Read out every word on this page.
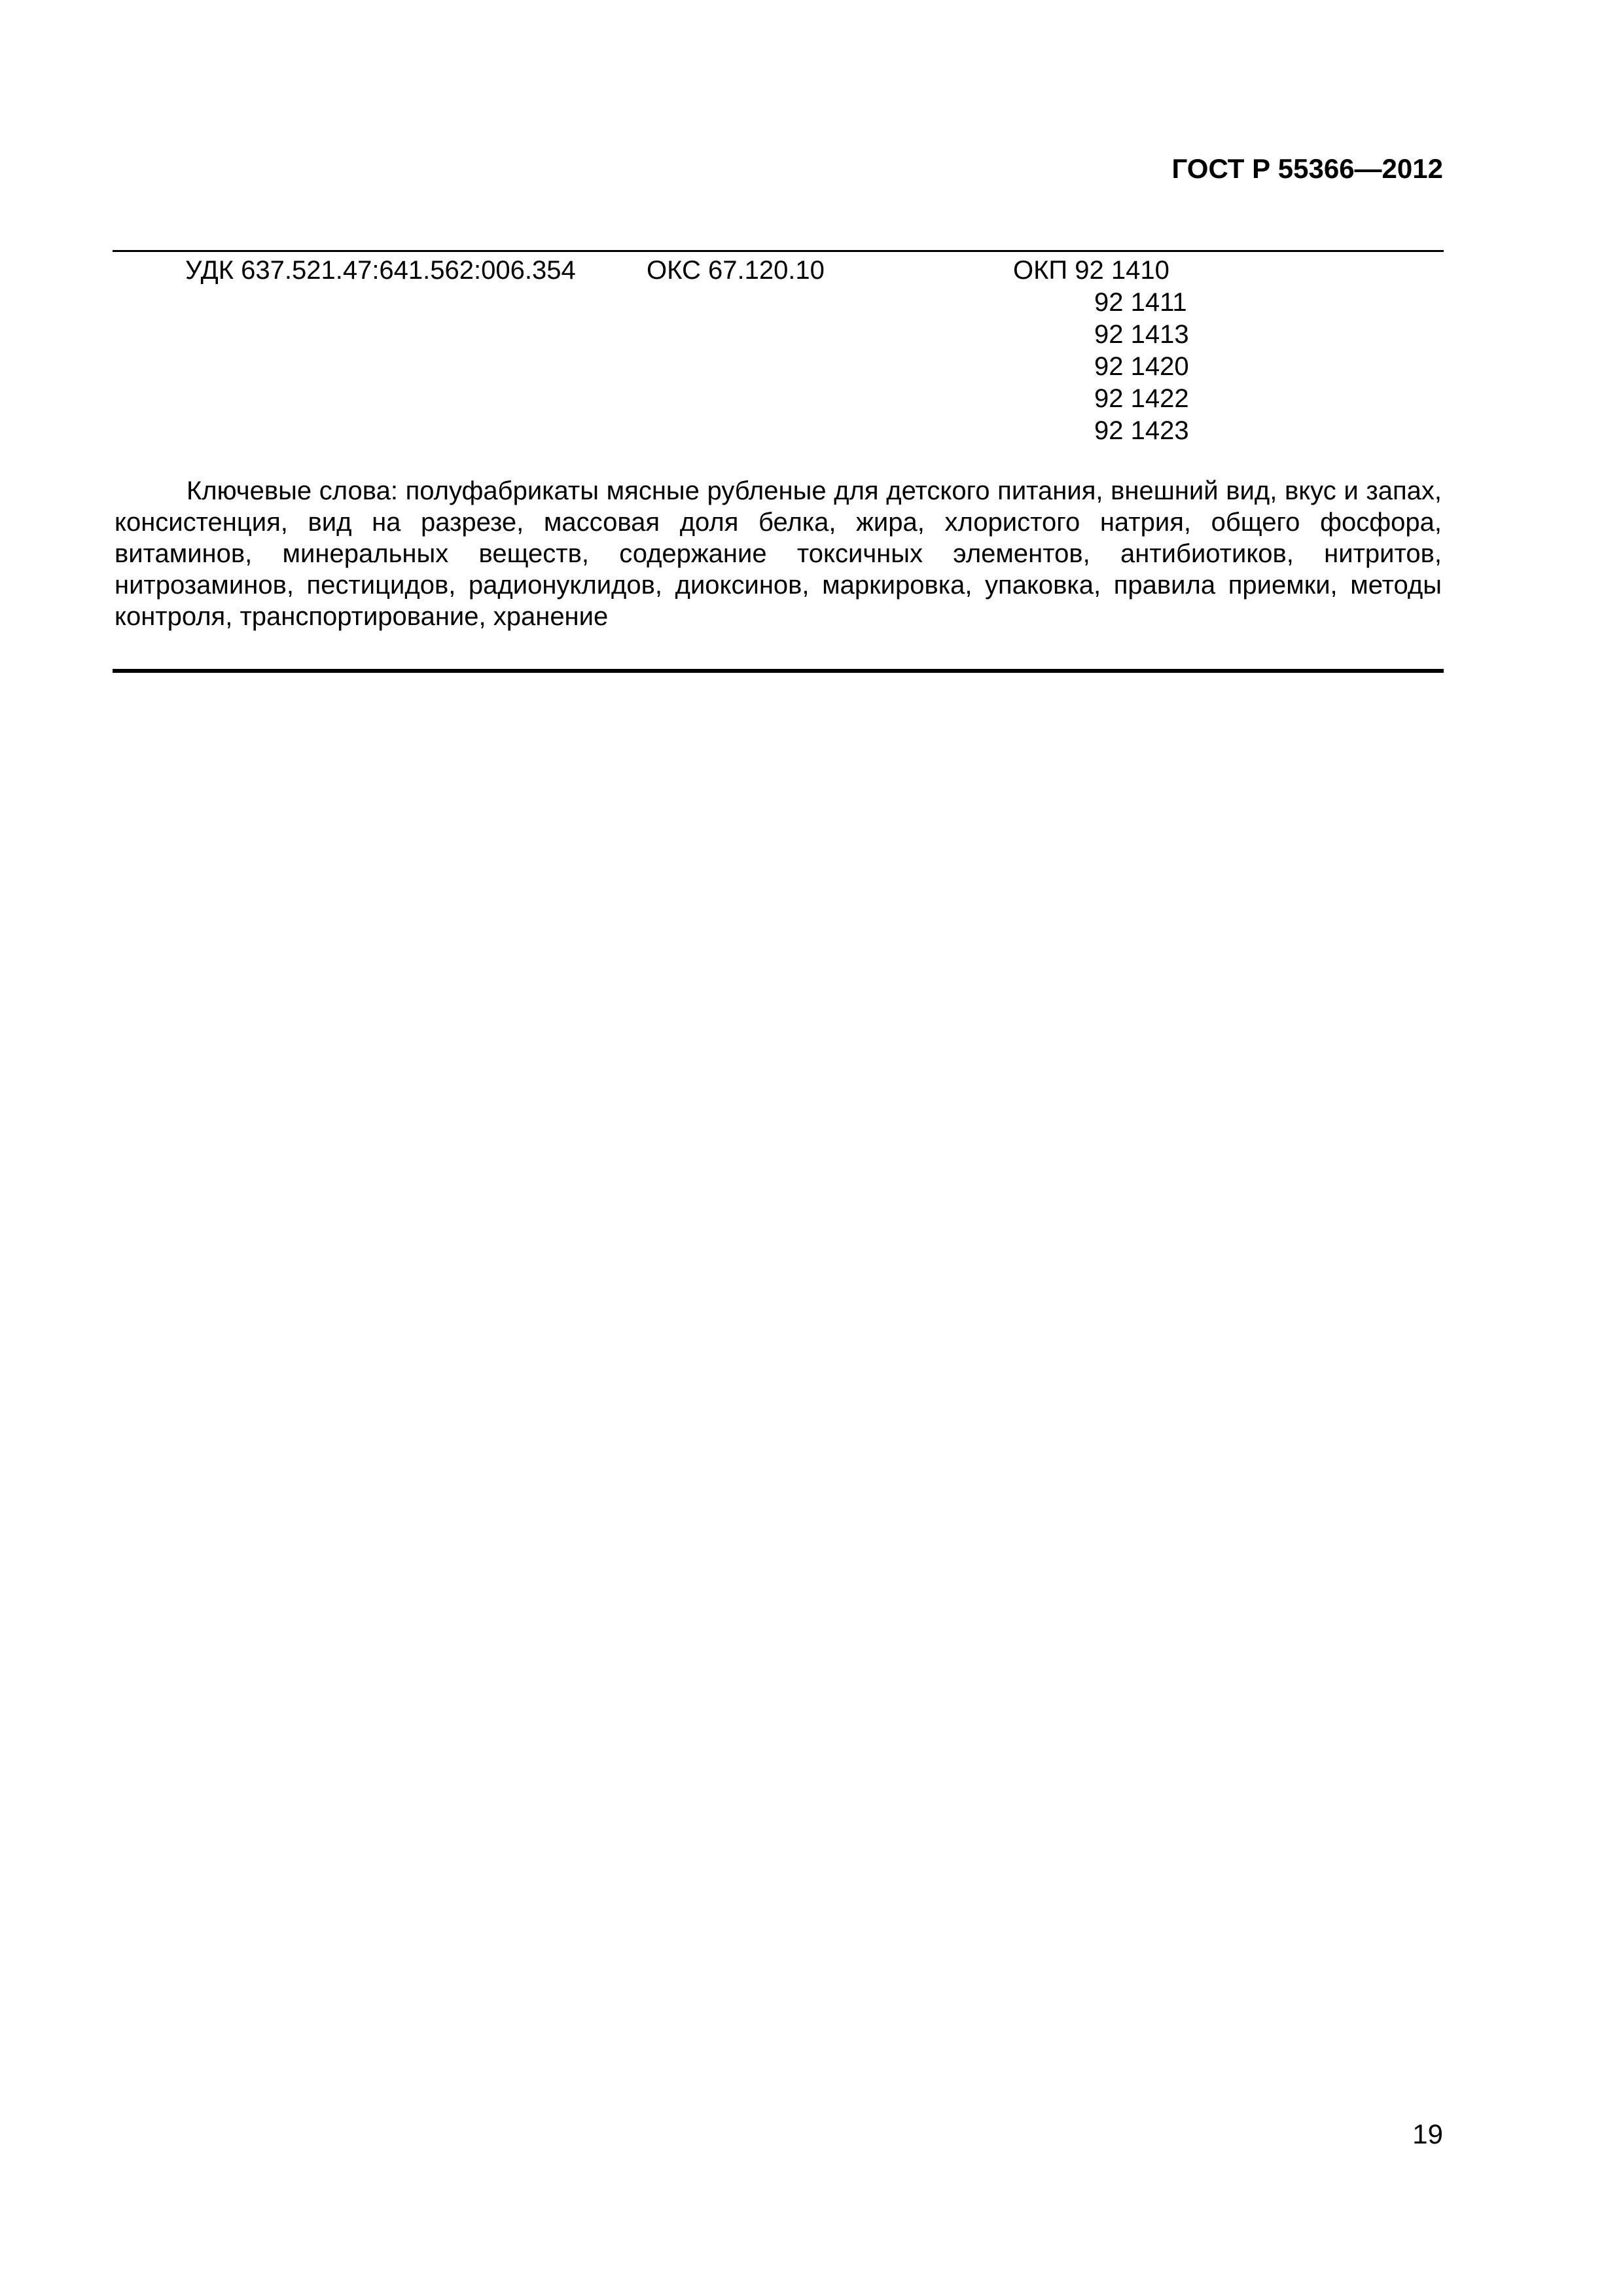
ГОСТ Р 55366—2012
УДК 637.521.47:641.562:006.354	ОКС 67.120.10	ОКП 92 1410
92 1411
92 1413
92 1420
92 1422
92 1423

Ключевые слова: полуфабрикаты мясные рубленые для детского питания, внешний вид, вкус и запах, консистенция, вид на разрезе, массовая доля белка, жира, хлористого натрия, общего фосфора, витаминов, минеральных веществ, содержание токсичных элементов, антибиотиков, нитритов, нитрозаминов, пестицидов, радионуклидов, диоксинов, маркировка, упаковка, правила приемки, методы контроля, транспортирование, хранение

19
